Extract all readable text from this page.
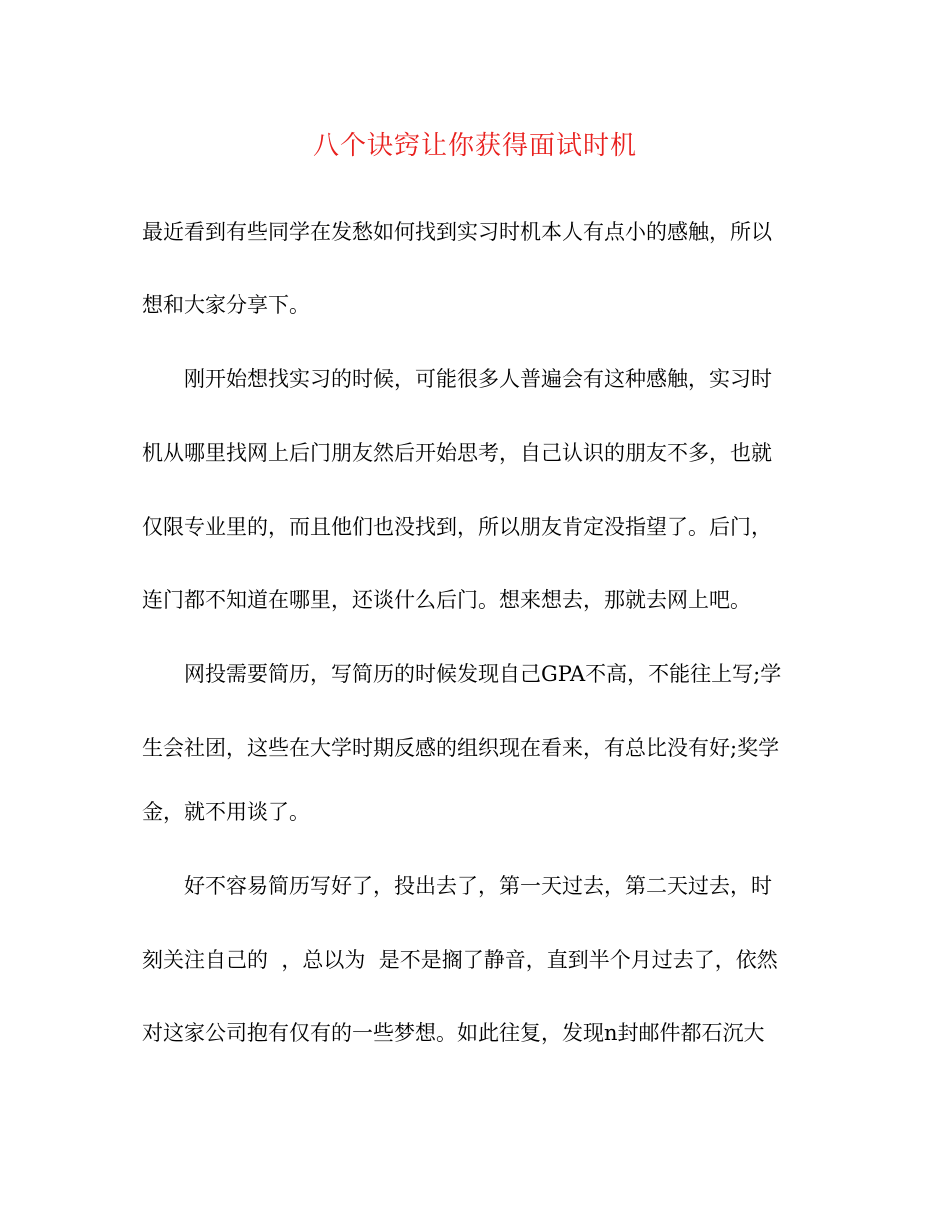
八个诀窍让你获得面试时机
最近看到有些同学在发愁如何找到实习时机本人有点小的感触，所以
想和大家分享下。
刚开始想找实习的时候，可能很多人普遍会有这种感触，实习时
机从哪里找网上后门朋友然后开始思考，自己认识的朋友不多，也就
仅限专业里的，而且他们也没找到，所以朋友肯定没指望了。后门，
连门都不知道在哪里，还谈什么后门。想来想去，那就去网上吧。
网投需要简历，写简历的时候发现自己GPA不高，不能往上写;学
生会社团，这些在大学时期反感的组织现在看来，有总比没有好;奖学
金，就不用谈了。
好不容易简历写好了，投出去了，第一天过去，第二天过去，时
刻关注自己的  ，总以为  是不是搁了静音，直到半个月过去了，依然
对这家公司抱有仅有的一些梦想。如此往复，发现n封邮件都石沉大
